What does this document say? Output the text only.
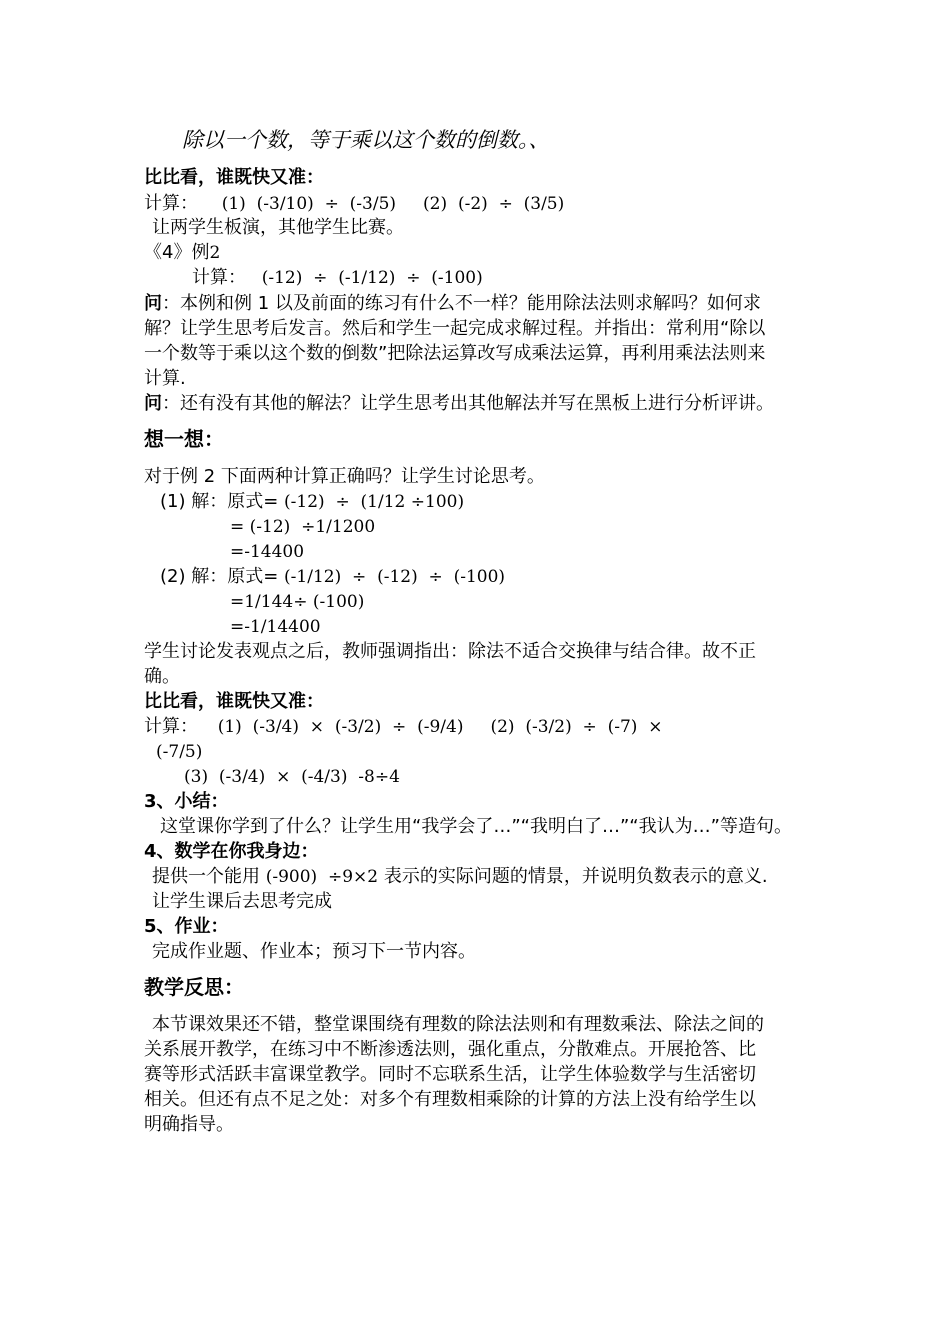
除以一个数，等于乘以这个数的倒数。、
比比看，谁既快又准：
计算： (1)  (-3/10)  ÷  (-3/5)     (2)  (-2)  ÷  (3/5)
让两学生板演，其他学生比赛。
《4》例2
计算： (-12)  ÷  (-1/12)  ÷  (-100)
问：本例和例 1 以及前面的练习有什么不一样？能用除法法则求解吗？如何求
解？让学生思考后发言。然后和学生一起完成求解过程。并指出：常利用“除以
一个数等于乘以这个数的倒数”把除法运算改写成乘法运算，再利用乘法法则来
计算.
问：还有没有其他的解法？让学生思考出其他解法并写在黑板上进行分析评讲。
想一想：
对于例 2 下面两种计算正确吗？让学生讨论思考。
(1) 解：原式= (-12)  ÷  (1/12 ÷100)
= (-12)  ÷1/1200
=-14400
(2) 解：原式= (-1/12)  ÷  (-12)  ÷  (-100)
=1/144÷ (-100)
=-1/14400
学生讨论发表观点之后，教师强调指出：除法不适合交换律与结合律。故不正
确。
比比看，谁既快又准：
计算： (1)  (-3/4)  ×  (-3/2)  ÷  (-9/4)     (2)  (-3/2)  ÷  (-7)  ×
(-7/5)
(3)  (-3/4)  ×  (-4/3)  -8÷4
3、小结：
这堂课你学到了什么？让学生用“我学会了…”“我明白了…”“我认为…”等造句。
4、数学在你我身边：
提供一个能用 (-900)  ÷9×2 表示的实际问题的情景，并说明负数表示的意义.
让学生课后去思考完成
5、作业：
完成作业题、作业本；预习下一节内容。
教学反思：
本节课效果还不错，整堂课围绕有理数的除法法则和有理数乘法、除法之间的
关系展开教学，在练习中不断渗透法则，强化重点，分散难点。开展抢答、比
赛等形式活跃丰富课堂教学。同时不忘联系生活，让学生体验数学与生活密切
相关。但还有点不足之处：对多个有理数相乘除的计算的方法上没有给学生以
明确指导。
